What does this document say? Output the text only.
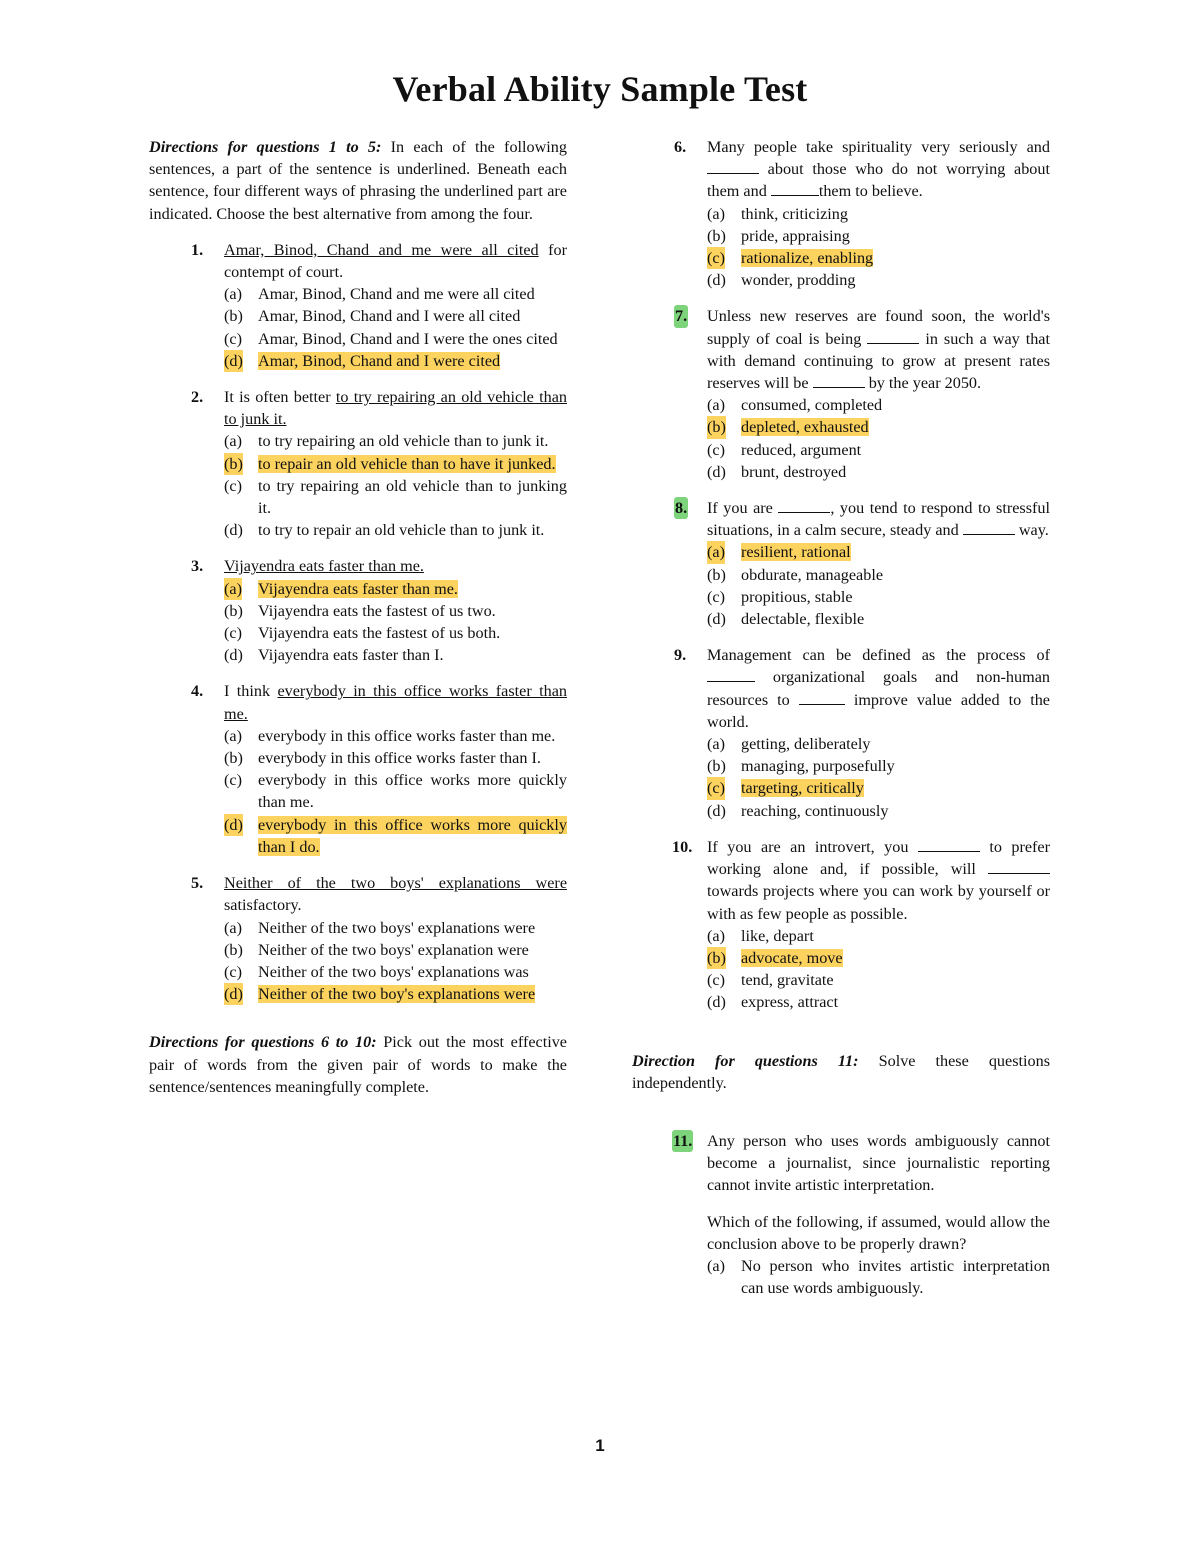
Verbal Ability Sample Test

Directions for questions 1 to 5: In each of the following sentences, a part of the sentence is underlined. Beneath each sentence, four different ways of phrasing the underlined part are indicated. Choose the best alternative from among the four.

1. Amar, Binod, Chand and me were all cited for contempt of court.
(a) Amar, Binod, Chand and me were all cited
(b) Amar, Binod, Chand and I were all cited
(c) Amar, Binod, Chand and I were the ones cited
(d) Amar, Binod, Chand and I were cited
2. It is often better to try repairing an old vehicle than to junk it.
(a) to try repairing an old vehicle than to junk it.
(b) to repair an old vehicle than to have it junked.
(c) to try repairing an old vehicle than to junking it.
(d) to try to repair an old vehicle than to junk it.
3. Vijayendra eats faster than me.
(a) Vijayendra eats faster than me.
(b) Vijayendra eats the fastest of us two.
(c) Vijayendra eats the fastest of us both.
(d) Vijayendra eats faster than I.
4. I think everybody in this office works faster than me.
(a) everybody in this office works faster than me.
(b) everybody in this office works faster than I.
(c) everybody in this office works more quickly than me.
(d) everybody in this office works more quickly than I do.
5. Neither of the two boys' explanations were satisfactory.
(a) Neither of the two boys' explanations were
(b) Neither of the two boys' explanation were
(c) Neither of the two boys' explanations was
(d) Neither of the two boy's explanations were

Directions for questions 6 to 10: Pick out the most effective pair of words from the given pair of words to make the sentence/sentences meaningfully complete.

6. Many people take spirituality very seriously and  about those who do not worrying about them and	them to believe.
(a) think, criticizing
(b) pride, appraising
(c) rationalize, enabling
(d) wonder, prodding
7. Unless new reserves are found soon, the world's supply of coal is being	in such a way that with demand continuing to grow at present rates reserves will be	by the year 2050.
(a) consumed, completed
(b) depleted, exhausted
(c) reduced, argument
(d) brunt, destroyed
8. If you are	, you tend to respond to stressful situations, in a calm secure, steady and	way.
(a) resilient, rational
(b) obdurate, manageable
(c) propitious, stable
(d) delectable, flexible
9. Management can be defined as the process of  organizational goals and non-human resources to	improve value added to the world.
(a) getting, deliberately
(b) managing, purposefully
(c) targeting, critically
(d) reaching, continuously
10. If you are an introvert, you	to prefer working alone and, if possible, will  towards projects where you can work by yourself or with as few people as possible.
(a) like, depart
(b) advocate, move
(c) tend, gravitate
(d) express, attract

Direction for questions 11: Solve these questions independently.

11. Any person who uses words ambiguously cannot become a journalist, since journalistic reporting cannot invite artistic interpretation.
Which of the following, if assumed, would allow the conclusion above to be properly drawn?
(a) No person who invites artistic interpretation can use words ambiguously.
1
